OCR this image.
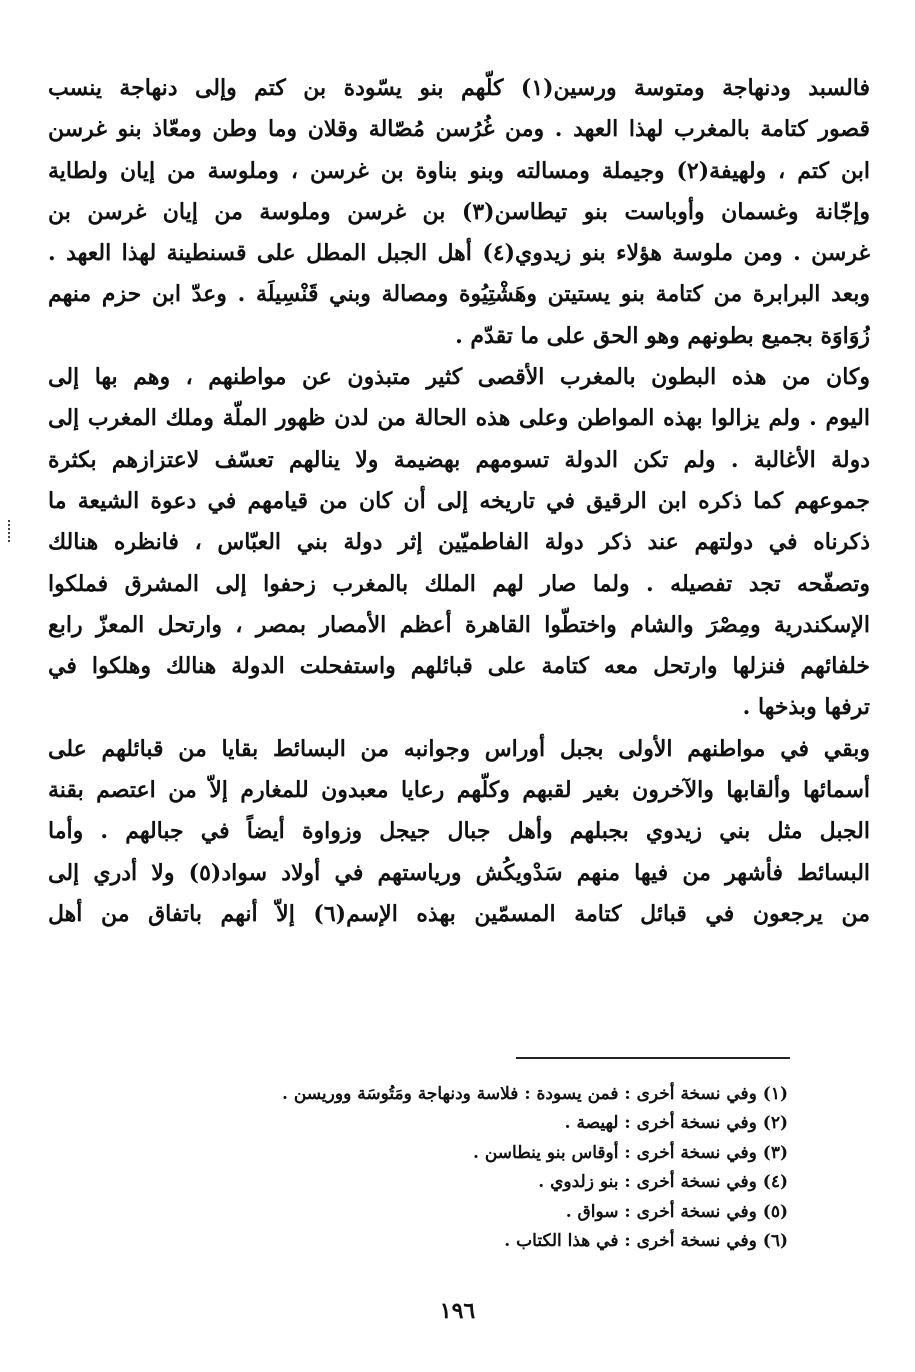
فالسبد ودنهاجة ومتوسة ورسين(١) كلّهم بنو يسّودة بن كتم وإلى دنهاجة ينسب
قصور كتامة بالمغرب لهذا العهد . ومن غُرُسن مُصّالة وقلان وما وطن ومعّاذ بنو غرسن
ابن كتم ، ولهيفة(٢) وجيملة ومسالته وبنو بناوة بن غرسن ، وملوسة من إيان ولطاية
وإجّانة وغسمان وأوباست بنو تيطاسن(٣) بن غرسن وملوسة من إيان غرسن بن
غرسن . ومن ملوسة هؤلاء بنو زيدوي(٤) أهل الجبل المطل على قسنطينة لهذا العهد .
وبعد البرابرة من كتامة بنو يستيتن وهَشْتِيُوة ومصالة وبني قَنْسِيلَة . وعدّ ابن حزم منهم
زُوَاوَة بجميع بطونهم وهو الحق على ما تقدّم .
وكان من هذه البطون بالمغرب الأقصى كثير متبذون عن مواطنهم ، وهم بها إلى
اليوم . ولم يزالوا بهذه المواطن وعلى هذه الحالة من لدن ظهور الملّة وملك المغرب إلى
دولة الأغالبة . ولم تكن الدولة تسومهم بهضيمة ولا ينالهم تعسّف لاعتزازهم بكثرة
جموعهم كما ذكره ابن الرقيق في تاريخه إلى أن كان من قيامهم في دعوة الشيعة ما
ذكرناه في دولتهم عند ذكر دولة الفاطميّين إثر دولة بني العبّاس ، فانظره هنالك
وتصفّحه تجد تفصيله . ولما صار لهم الملك بالمغرب زحفوا إلى المشرق فملكوا
الإسكندرية ومِصْرَ والشام واختطّوا القاهرة أعظم الأمصار بمصر ، وارتحل المعزّ رابع
خلفائهم فنزلها وارتحل معه كتامة على قبائلهم واستفحلت الدولة هنالك وهلكوا في
ترفها وبذخها .
وبقي في مواطنهم الأولى بجبل أوراس وجوانبه من البسائط بقايا من قبائلهم على
أسمائها وألقابها والآخرون بغير لقبهم وكلّهم رعايا معبدون للمغارم إلاّ من اعتصم بقنة
الجبل مثل بني زيدوي بجبلهم وأهل جبال جيجل وزواوة أيضاً في جبالهم . وأما
البسائط فأشهر من فيها منهم سَدْويكُش ورياستهم في أولاد سواد(٥) ولا أدري إلى
من يرجعون في قبائل كتامة المسمّين بهذه الإسم(٦) إلاّ أنهم باتفاق من أهل
(١) وفي نسخة أخرى : فمن يسودة : فلاسة ودنهاجة ومَتُوسَة ووريسن .
(٢) وفي نسخة أخرى : لهيصة .
(٣) وفي نسخة أخرى : أوقاس بنو ينطاسن .
(٤) وفي نسخة أخرى : بنو زلدوي .
(٥) وفي نسخة أخرى : سواق .
(٦) وفي نسخة أخرى : في هذا الكتاب .
١٩٦
